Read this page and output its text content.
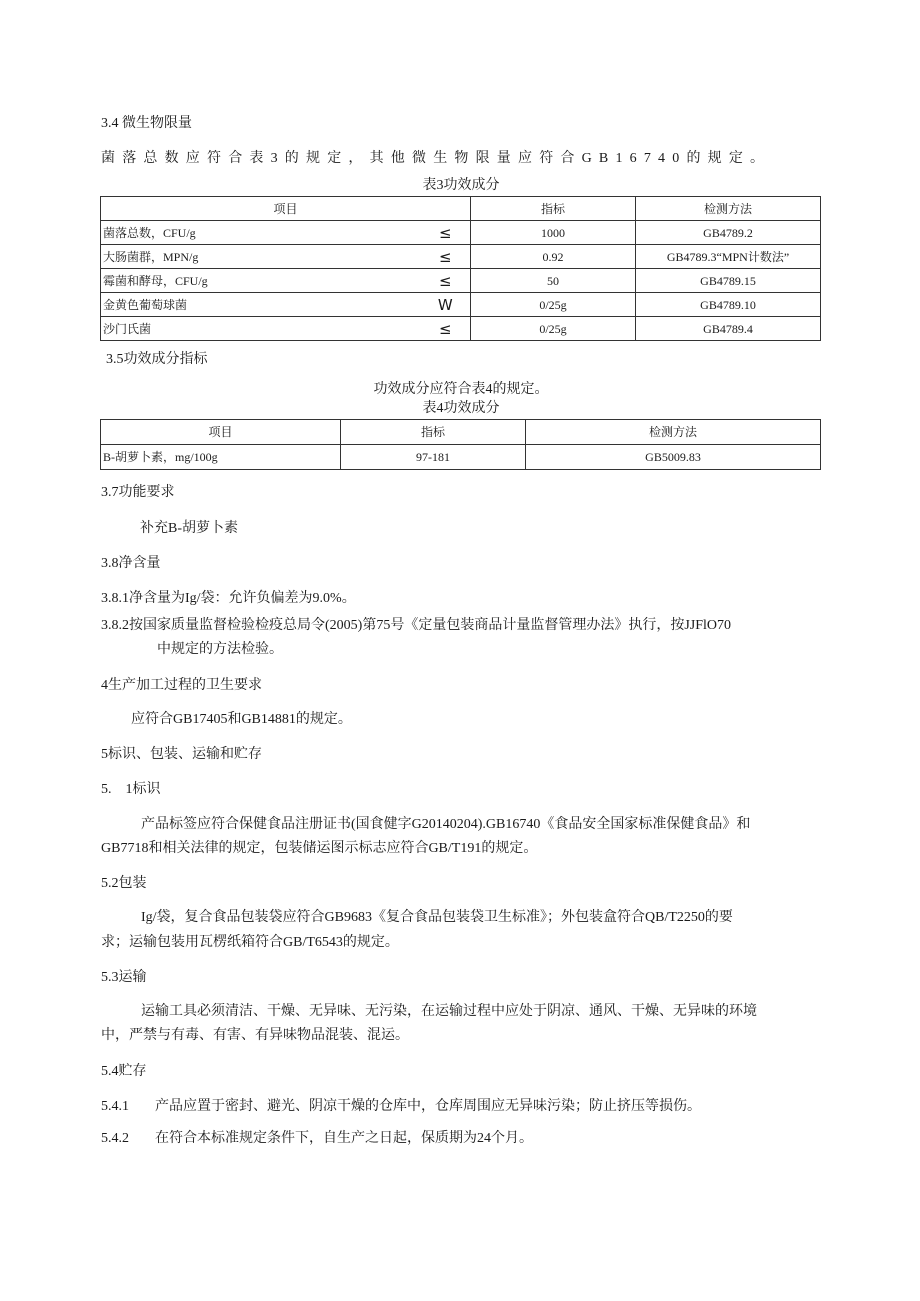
3.4 微生物限量
菌落总数应符合表3的规定，其他微生物限量应符合GB16740的规定。
表3功效成分
项目		指标	检测方法
菌落总数，CFU/g	≤	1000	GB4789.2
大肠菌群，MPN/g	≤	0.92	GB4789.3“MPN计数法”
霉菌和酵母，CFU/g	≤	50	GB4789.15
金黄色葡萄球菌	W	0/25g	GB4789.10
沙门氏菌	≤	0/25g	GB4789.4
3.5功效成分指标
功效成分应符合表4的规定。
表4功效成分
项目	指标	检测方法
B-胡萝卜素，mg/100g	97-181	GB5009.83
3.7功能要求
补充B-胡萝卜素
3.8净含量
3.8.1净含量为Ig/袋：允许负偏差为9.0%。
3.8.2按国家质量监督检验检疫总局令(2005)第75号《定量包装商品计量监督管理办法》执行，按JJFlO70
中规定的方法检验。
4生产加工过程的卫生要求
应符合GB17405和GB14881的规定。
5标识、包装、运输和贮存
5.　1标识
产品标签应符合保健食品注册证书(国食健字G20140204).GB16740《食品安全国家标准保健食品》和
GB7718和相关法律的规定，包装储运图示标志应符合GB/T191的规定。
5.2包装
Ig/袋，复合食品包装袋应符合GB9683《复合食品包装袋卫生标准》；外包装盒符合QB/T2250的要
求；运输包装用瓦楞纸箱符合GB/T6543的规定。
5.3运输
运输工具必须清洁、干燥、无异味、无污染，在运输过程中应处于阴凉、通风、干燥、无异味的环境
中，严禁与有毒、有害、有异味物品混装、混运。
5.4贮存
5.4.1 产品应置于密封、避光、阴凉干燥的仓库中，仓库周围应无异味污染；防止挤压等损伤。
5.4.2 在符合本标准规定条件下，自生产之日起，保质期为24个月。
